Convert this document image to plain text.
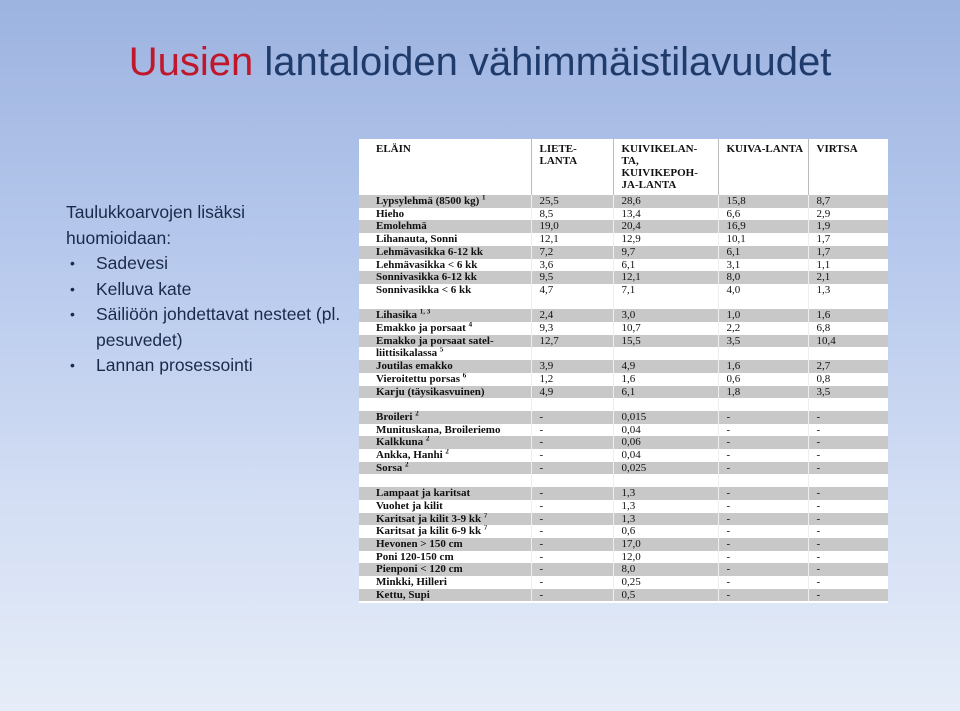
Uusien lantaloiden vähimmäistilavuudet

Taulukkoarvojen lisäksi huomioidaan:

• Sadevesi
• Kelluva kate
• Säiliöön johdettavat nesteet (pl. pesuvedet)
• Lannan prosessointi
ELÄIN	LIETE-LANTA	KUIVIKELAN-TA, KUIVIKEPOH-JA-LANTA	KUIVA-LANTA	VIRTSA
Lypsylehmä (8500 kg) $^1$	25,5	28,6	15,8	8,7
Hieho	8,5	13,4	6,6	2,9
Emolehmä	19,0	20,4	16,9	1,9
Lihanauta, Sonni	12,1	12,9	10,1	1,7
Lehmävasikka 6-12 kk	7,2	9,7	6,1	1,7
Lehmävasikka < 6 kk	3,6	6,1	3,1	1,1
Sonnivasikka 6-12 kk	9,5	12,1	8,0	2,1
Sonnivasikka < 6 kk	4,7	7,1	4,0	1,3

Lihasika $^{1, 3}$	2,4	3,0	1,0	1,6
Emakko ja porsaat $^4$	9,3	10,7	2,2	6,8
Emakko ja porsaat satel-	12,7	15,5	3,5	10,4
liittisikalassa $^5$				
Joutilas emakko	3,9	4,9	1,6	2,7
Vieroitettu porsas $^6$	1,2	1,6	0,6	0,8
Karju (täysikasvuinen)	4,9	6,1	1,8	3,5

Broileri $^2$	-	0,015	-	-
Munituskana, Broileriemo	-	0,04	-	-
Kalkkuna $^2$	-	0,06	-	-
Ankka, Hanhi $^2$	-	0,04	-	-
Sorsa $^2$	-	0,025	-	-

Lampaat ja karitsat	-	1,3	-	-
Vuohet ja kilit	-	1,3	-	-
Karitsat ja kilit 3-9 kk $^7$	-	1,3	-	-
Karitsat ja kilit 6-9 kk $^7$	-	0,6	-	-
Hevonen > 150 cm	-	17,0	-	-
Poni 120-150 cm	-	12,0	-	-
Pienponi < 120 cm	-	8,0	-	-
Minkki, Hilleri	-	0,25	-	-
Kettu, Supi	-	0,5	-	-
